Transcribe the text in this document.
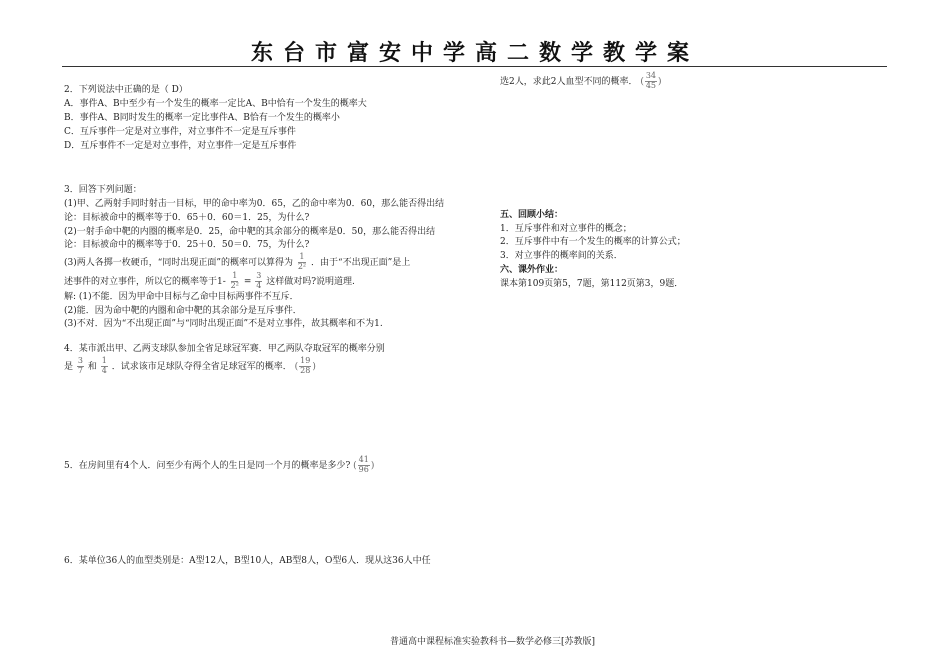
东台市富安中学高二数学教学案
2．下列说法中正确的是（ D）
A．事件A、B中至少有一个发生的概率一定比A、B中恰有一个发生的概率大
B．事件A、B同时发生的概率一定比事件A、B恰有一个发生的概率小
C．互斥事件一定是对立事件，对立事件不一定是互斥事件
D．互斥事件不一定是对立事件，对立事件一定是互斥事件
3．回答下列问题：
(1)甲、乙两射手同时射击一目标，甲的命中率为0．65，乙的命中率为0．60，那么能否得出结
论：目标被命中的概率等于0．65＋0．60＝1．25，为什么?
(2)一射手命中靶的内圈的概率是0．25，命中靶的其余部分的概率是0．50，那么能否得出结
论：目标被命中的概率等于0．25＋0．50＝0．75，为什么?
(3)两人各掷一枚硬币，“同时出现正面”的概率可以算得为 $\frac{1}{\text{2²}}$ ．由于“不出现正面”是上
述事件的对立事件，所以它的概率等于$1- \frac{1}{\text{2²}} = \frac{3}{4}$ 这样做对吗?说明道理.
解: (1)不能．因为甲命中目标与乙命中目标两事件不互斥．
(2)能．因为命中靶的内圈和命中靶的其余部分是互斥事件．
(3)不对．因为“不出现正面”与“同时出现正面”不是对立事件，故其概率和不为1.
4．某市派出甲、乙两支球队参加全省足球冠军赛．甲乙两队夺取冠军的概率分别
是 $\frac{3}{7}$ 和 $\frac{1}{4}$ ．试求该市足球队夺得全省足球冠军的概率． ( $\frac{19}{28}$ )
5．在房间里有4个人．问至少有两个人的生日是同一个月的概率是多少? ( $\frac{41}{96}$ )
6．某单位36人的血型类别是：A型12人，B型10人，AB型8人，O型6人．现从这36人中任
选2人，求此2人血型不同的概率． ( $\frac{34}{45}$ )
五、回顾小结：
1．互斥事件和对立事件的概念；
2．互斥事件中有一个发生的概率的计算公式；
3．对立事件的概率间的关系．
六、课外作业：
课本第109页第5，7题，第112页第3，9题．
普通高中课程标准实验教科书—数学必修三[苏教版]
